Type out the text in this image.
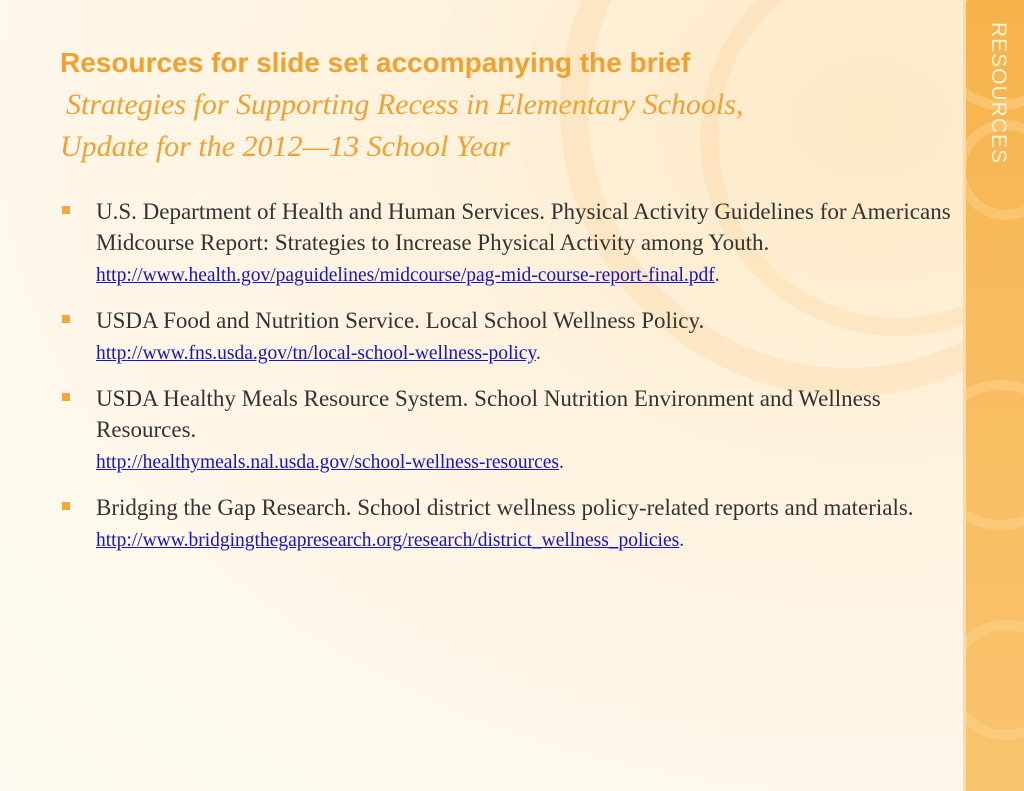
RESOURCES
Resources for slide set accompanying the brief
Strategies for Supporting Recess in Elementary Schools,
Update for the 2012—13 School Year
U.S. Department of Health and Human Services. Physical Activity Guidelines for Americans Midcourse Report: Strategies to Increase Physical Activity among Youth.
http://www.health.gov/paguidelines/midcourse/pag-mid-course-report-final.pdf.
USDA Food and Nutrition Service. Local School Wellness Policy.
http://www.fns.usda.gov/tn/local-school-wellness-policy.
USDA Healthy Meals Resource System. School Nutrition Environment and Wellness Resources.
http://healthymeals.nal.usda.gov/school-wellness-resources.
Bridging the Gap Research. School district wellness policy-related reports and materials.
http://www.bridgingthegapresearch.org/research/district_wellness_policies.
